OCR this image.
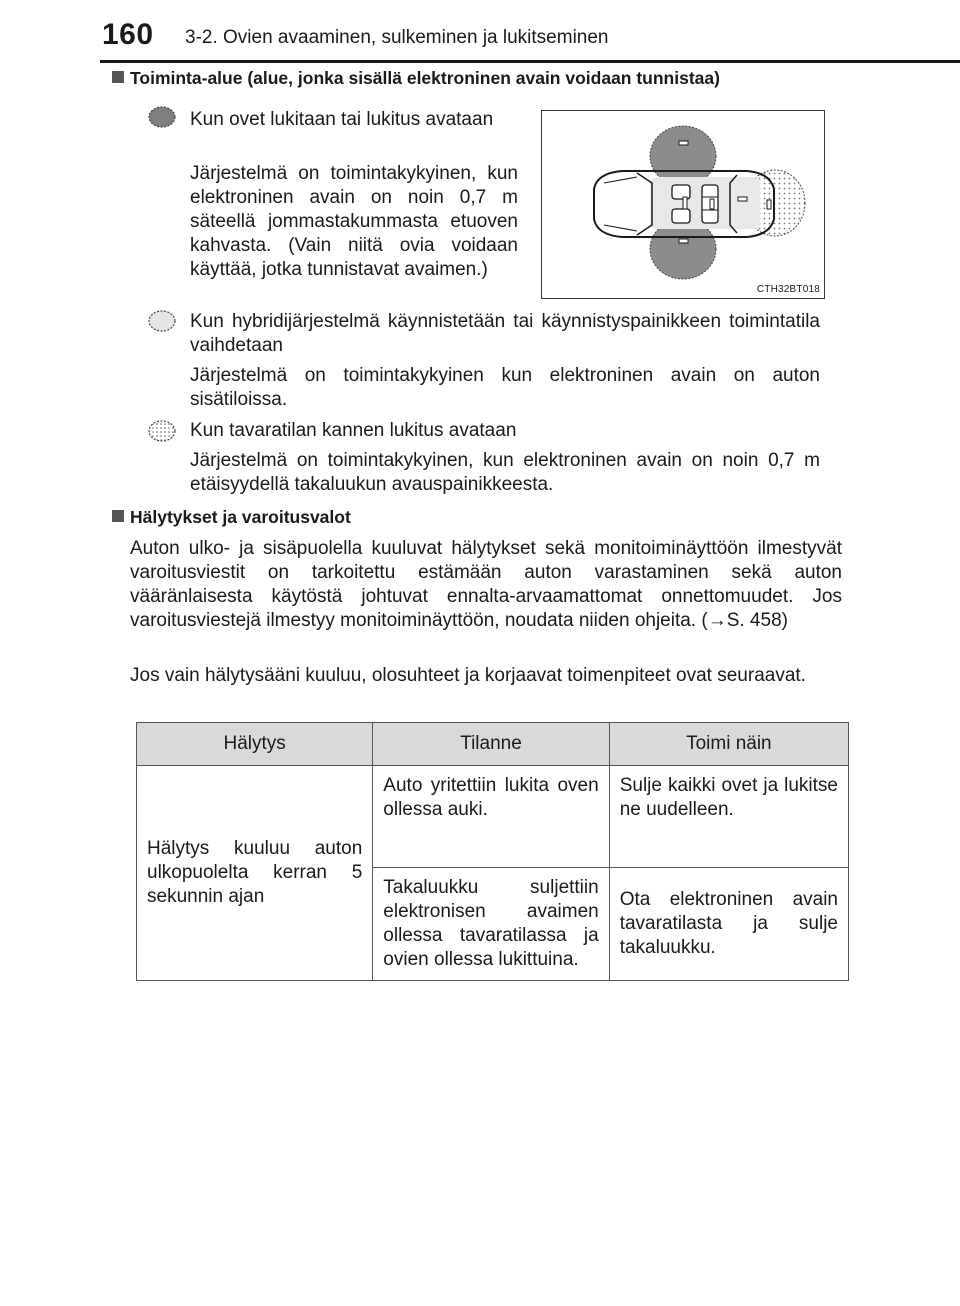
160 3-2. Ovien avaaminen, sulkeminen ja lukitseminen
Toiminta-alue (alue, jonka sisällä elektroninen avain voidaan tunnistaa)
Kun ovet lukitaan tai lukitus avataan
Järjestelmä on toimintakykyinen, kun elektroninen avain on noin 0,7 m säteellä jommastakummasta etuoven kahvasta. (Vain niitä ovia voidaan käyttää, jotka tunnistavat avaimen.)
CTH32BT018
Kun hybridijärjestelmä käynnistetään tai käynnistyspainikkeen toimintatila vaihdetaan
Järjestelmä on toimintakykyinen kun elektroninen avain on auton sisätiloissa.
Kun tavaratilan kannen lukitus avataan
Järjestelmä on toimintakykyinen, kun elektroninen avain on noin 0,7 m etäisyydellä takaluukun avauspainikkeesta.
Hälytykset ja varoitusvalot
Auton ulko- ja sisäpuolella kuuluvat hälytykset sekä monitoiminäyttöön ilmestyvät varoitusviestit on tarkoitettu estämään auton varastaminen sekä auton vääränlaisesta käytöstä johtuvat ennalta-arvaamattomat onnettomuudet. Jos varoitusviestejä ilmestyy monitoiminäyttöön, noudata niiden ohjeita. (→S. 458)
Jos vain hälytysääni kuuluu, olosuhteet ja korjaavat toimenpiteet ovat seuraavat.
Hälytys	Tilanne	Toimi näin
Hälytys kuuluu auton ulkopuolelta kerran 5 sekunnin ajan	Auto yritettiin lukita oven ollessa auki.	Sulje kaikki ovet ja lukitse ne uudelleen.
	Takaluukku suljettiin elektronisen avaimen ollessa tavaratilassa ja ovien ollessa lukittuina.	Ota elektroninen avain tavaratilasta ja sulje takaluukku.
